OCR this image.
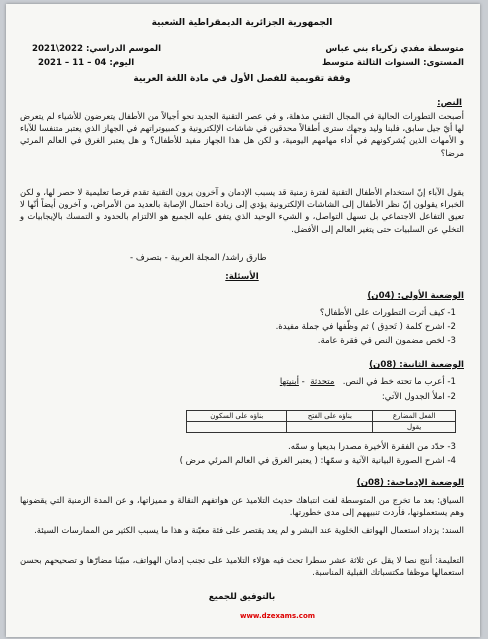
الجمهورية الجزائرية الديمقراطية الشعبية
متوسطة مفدي زكرياء بني عباس
المستوى: السنوات الثالثة متوسط
الموسم الدراسي: 2022\2021
اليوم: 04 – 11 – 2021
وقفة تقويمية للفصل الأول في مادة اللغة العربية
النص:
أصبحت التطورات الحالية في المجال التقني مذهلة، و في عصر التقنية الجديد نحو أجيالاً من الأطفال يتعرضون للأشياء لم يتعرض لها أيّ جيل سابق، فلبنا وليد وجهك سترى أطفالاً محدقين في شاشات الإلكترونية و كمبيوتراتهم في الجهاز الذي يعتبر متنفسا للآباء و الأمهات الذين يُشركونهم في أداء مهامهم اليومية، و لكن هل هذا الجهاز مفيد للأطفال؟ و هل يعتبر الغرق في العالم المرئي مرضا؟
يقول الآباء إنّ استخدام الأطفال التقنية لفترة زمنية قد يسبب الإدمان و آخرون يرون التقنية تقدم فرصا تعليمية لا حصر لها، و لكن الخبراء يقولون إنّ نظر الأطفال إلى الشاشات الإلكترونية يؤدي إلى زيادة احتمال الإصابة بالعديد من الأمراض، و آخرون أيضاً أنّها لا تعيق التفاعل الاجتماعي بل تسهل التواصل، و الشيء الوحيد الذي يتفق عليه الجميع هو الالتزام بالحدود و التمسك بالإيجابيات و التخلي عن السلبيات حتى يتغير العالم إلى الأفضل.
طارق راشد/ المجلة العربية - بتصرف -
الأسئلة:
الوضعية الأولى: (04ن)
1- كيف أثرت التطورات على الأطفال؟
2- اشرح كلمة ( تَحدِق ) ثم وظّفها في جملة مفيدة.
3- لخص مضمون النص في فقرة عامة.
الوضعية الثانية: (08ن)
1- أعرب ما تحته خط في النص.   متحدثة  - أبنيتها
2- املأ الجدول الآتي:
الفعل المضارع	بناؤه على الفتح	بناؤه على السكون
يقول		
3- حدّد من الفقرة الأخيرة مصدرا بديعيا و سمّه.
4- اشرح الصورة البيانية الآتية و سمّها: ( يعتبر الغرق في العالم المرئي مرض )
الوضعية الإدماجية: (08ن)
السياق: بعد ما تخرج من المتوسطة لفت انتباهك حديث التلاميذ عن هواتفهم النقالة و مميزاتها، و عن المدة الزمنية التي يقضونها وهم يستعملونها، فأردت تنبيههم إلى مدى خطورتها.
السند: يزداد استعمال الهواتف الخلوية عند البشر و لم يعد يقتصر على فئة معيّنة و هذا ما يسبب الكثير من الممارسات السيئة.
التعليمة: أنتج نصا لا يقل عن ثلاثة عشر سطرا تحث فيه هؤلاء التلاميذ على تجنب إدمان الهواتف، مبيّنا مضارّها و تصحيحهم بحسن استعمالها موظفا مكتسباتك القبلية المناسبة.
بالتوفيق للجميع
www.dzexams.com
